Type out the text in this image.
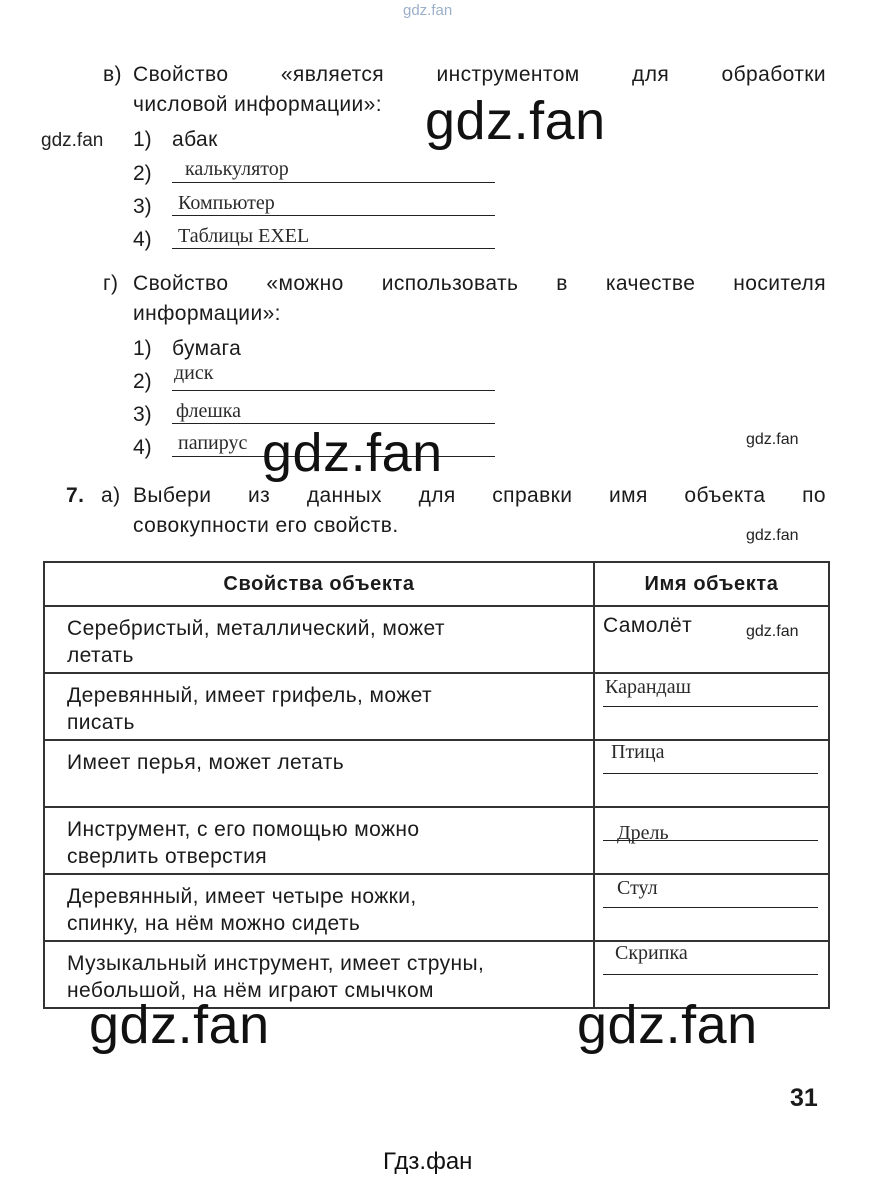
gdz.fan
в) Свойство «является инструментом для обработки
числовой информации»:
gdz.fan	gdz.fan
1) абак
2) калькулятор
3) Компьютер
4) Таблицы EXEL
г) Свойство «можно использовать в качестве носителя
информации»:
1) бумага
2) диск
3) флешка
4) папирус gdz.fan	gdz.fan
7. а) Выбери из данных для справки имя объекта по
совокупности его свойств.	gdz.fan
Свойства объекта	Имя объекта

Серебристый, металлический, может
летать	Самолёт

Деревянный, имеет грифель, может
писать	Карандаш

Имеет перья, может летать	Птица

Инструмент, с его помощью можно
сверлить отверстия	Дрель

Деревянный, имеет четыре ножки,
спинку, на нём можно сидеть	Стул

Музыкальный инструмент, имеет струны,
небольшой, на нём играют смычком	Скрипка
gdz.fan
gdz.fan	gdz.fan
31
Гдз.фан
